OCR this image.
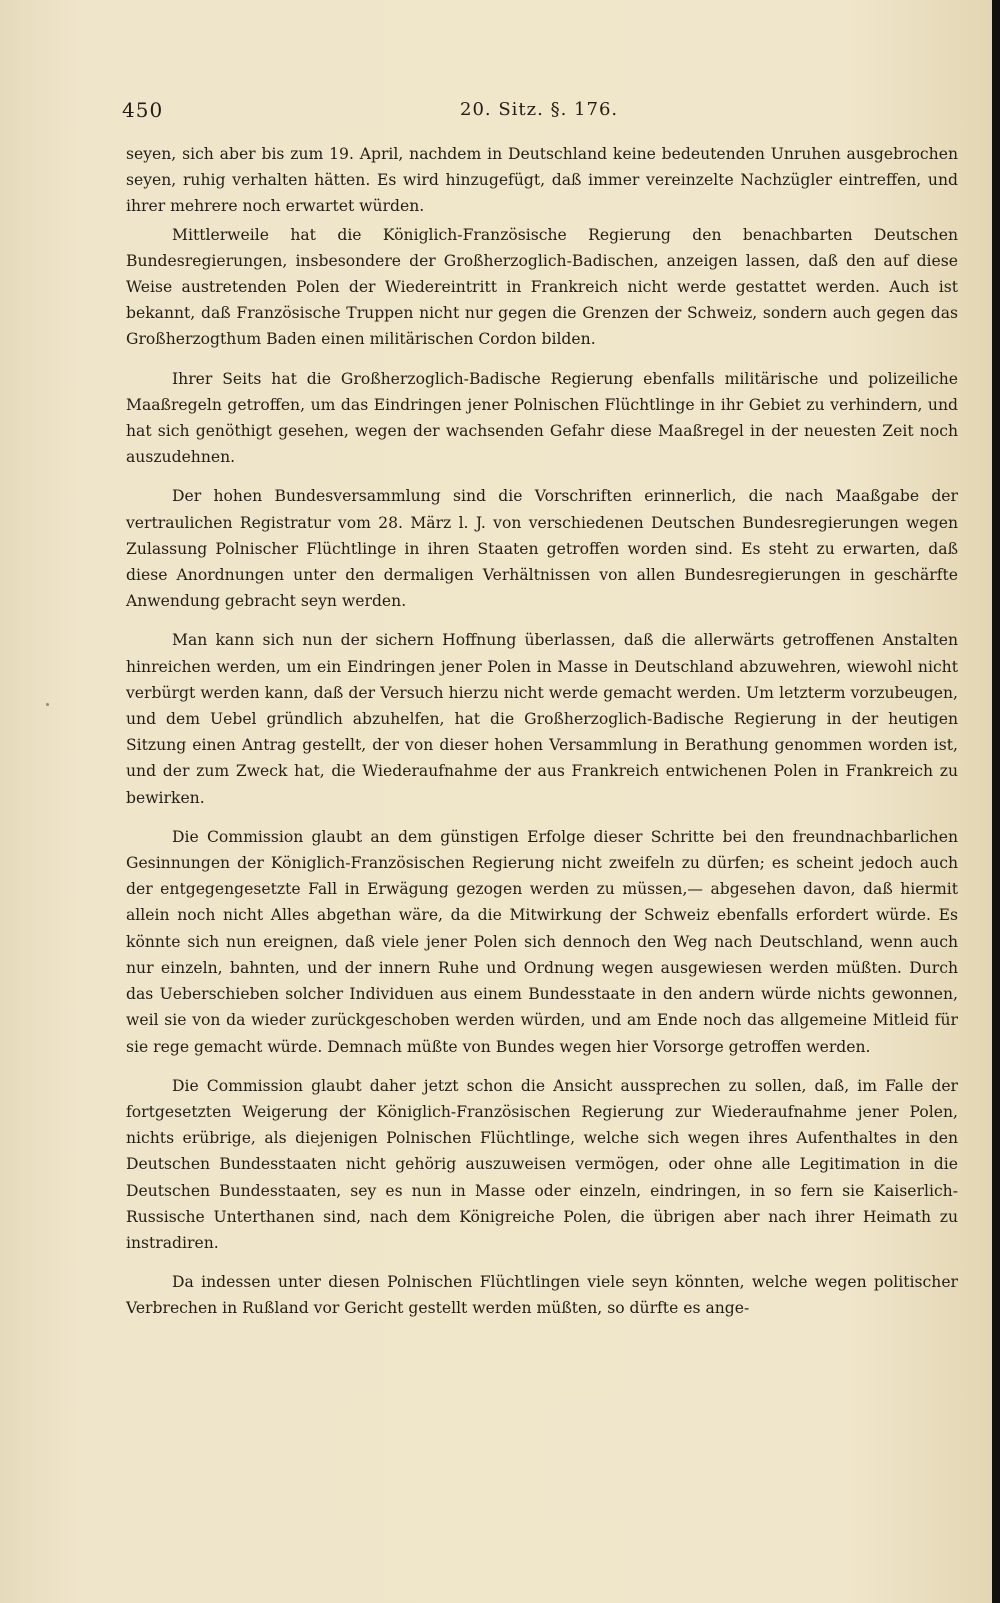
450	20. Sitz. §. 176.

seyen, sich aber bis zum 19. April, nachdem in Deutschland keine bedeutenden Unruhen ausgebrochen seyen, ruhig verhalten hätten. Es wird hinzugefügt, daß immer vereinzelte Nachzügler eintreffen, und ihrer mehrere noch erwartet würden.

Mittlerweile hat die Königlich-Französische Regierung den benachbarten Deutschen Bundesregierungen, insbesondere der Großherzoglich-Badischen, anzeigen lassen, daß den auf diese Weise austretenden Polen der Wiedereintritt in Frankreich nicht werde gestattet werden. Auch ist bekannt, daß Französische Truppen nicht nur gegen die Grenzen der Schweiz, sondern auch gegen das Großherzogthum Baden einen militärischen Cordon bilden.

Ihrer Seits hat die Großherzoglich-Badische Regierung ebenfalls militärische und polizeiliche Maaßregeln getroffen, um das Eindringen jener Polnischen Flüchtlinge in ihr Gebiet zu verhindern, und hat sich genöthigt gesehen, wegen der wachsenden Gefahr diese Maaßregel in der neuesten Zeit noch auszudehnen.

Der hohen Bundesversammlung sind die Vorschriften erinnerlich, die nach Maaßgabe der vertraulichen Registratur vom 28. März l. J. von verschiedenen Deutschen Bundesregierungen wegen Zulassung Polnischer Flüchtlinge in ihren Staaten getroffen worden sind. Es steht zu erwarten, daß diese Anordnungen unter den dermaligen Verhältnissen von allen Bundesregierungen in geschärfte Anwendung gebracht seyn werden.

Man kann sich nun der sichern Hoffnung überlassen, daß die allerwärts getroffenen Anstalten hinreichen werden, um ein Eindringen jener Polen in Masse in Deutschland abzuwehren, wiewohl nicht verbürgt werden kann, daß der Versuch hierzu nicht werde gemacht werden. Um letzterm vorzubeugen, und dem Uebel gründlich abzuhelfen, hat die Großherzoglich-Badische Regierung in der heutigen Sitzung einen Antrag gestellt, der von dieser hohen Versammlung in Berathung genommen worden ist, und der zum Zweck hat, die Wiederaufnahme der aus Frankreich entwichenen Polen in Frankreich zu bewirken.

Die Commission glaubt an dem günstigen Erfolge dieser Schritte bei den freundnachbarlichen Gesinnungen der Königlich-Französischen Regierung nicht zweifeln zu dürfen; es scheint jedoch auch der entgegengesetzte Fall in Erwägung gezogen werden zu müssen,— abgesehen davon, daß hiermit allein noch nicht Alles abgethan wäre, da die Mitwirkung der Schweiz ebenfalls erfordert würde. Es könnte sich nun ereignen, daß viele jener Polen sich dennoch den Weg nach Deutschland, wenn auch nur einzeln, bahnten, und der innern Ruhe und Ordnung wegen ausgewiesen werden müßten. Durch das Ueberschieben solcher Individuen aus einem Bundesstaate in den andern würde nichts gewonnen, weil sie von da wieder zurückgeschoben werden würden, und am Ende noch das allgemeine Mitleid für sie rege gemacht würde. Demnach müßte von Bundes wegen hier Vorsorge getroffen werden.

Die Commission glaubt daher jetzt schon die Ansicht aussprechen zu sollen, daß, im Falle der fortgesetzten Weigerung der Königlich-Französischen Regierung zur Wiederaufnahme jener Polen, nichts erübrige, als diejenigen Polnischen Flüchtlinge, welche sich wegen ihres Aufenthaltes in den Deutschen Bundesstaaten nicht gehörig auszuweisen vermögen, oder ohne alle Legitimation in die Deutschen Bundesstaaten, sey es nun in Masse oder einzeln, eindringen, in so fern sie Kaiserlich-Russische Unterthanen sind, nach dem Königreiche Polen, die übrigen aber nach ihrer Heimath zu instradiren.

Da indessen unter diesen Polnischen Flüchtlingen viele seyn könnten, welche wegen politischer Verbrechen in Rußland vor Gericht gestellt werden müßten, so dürfte es ange-
